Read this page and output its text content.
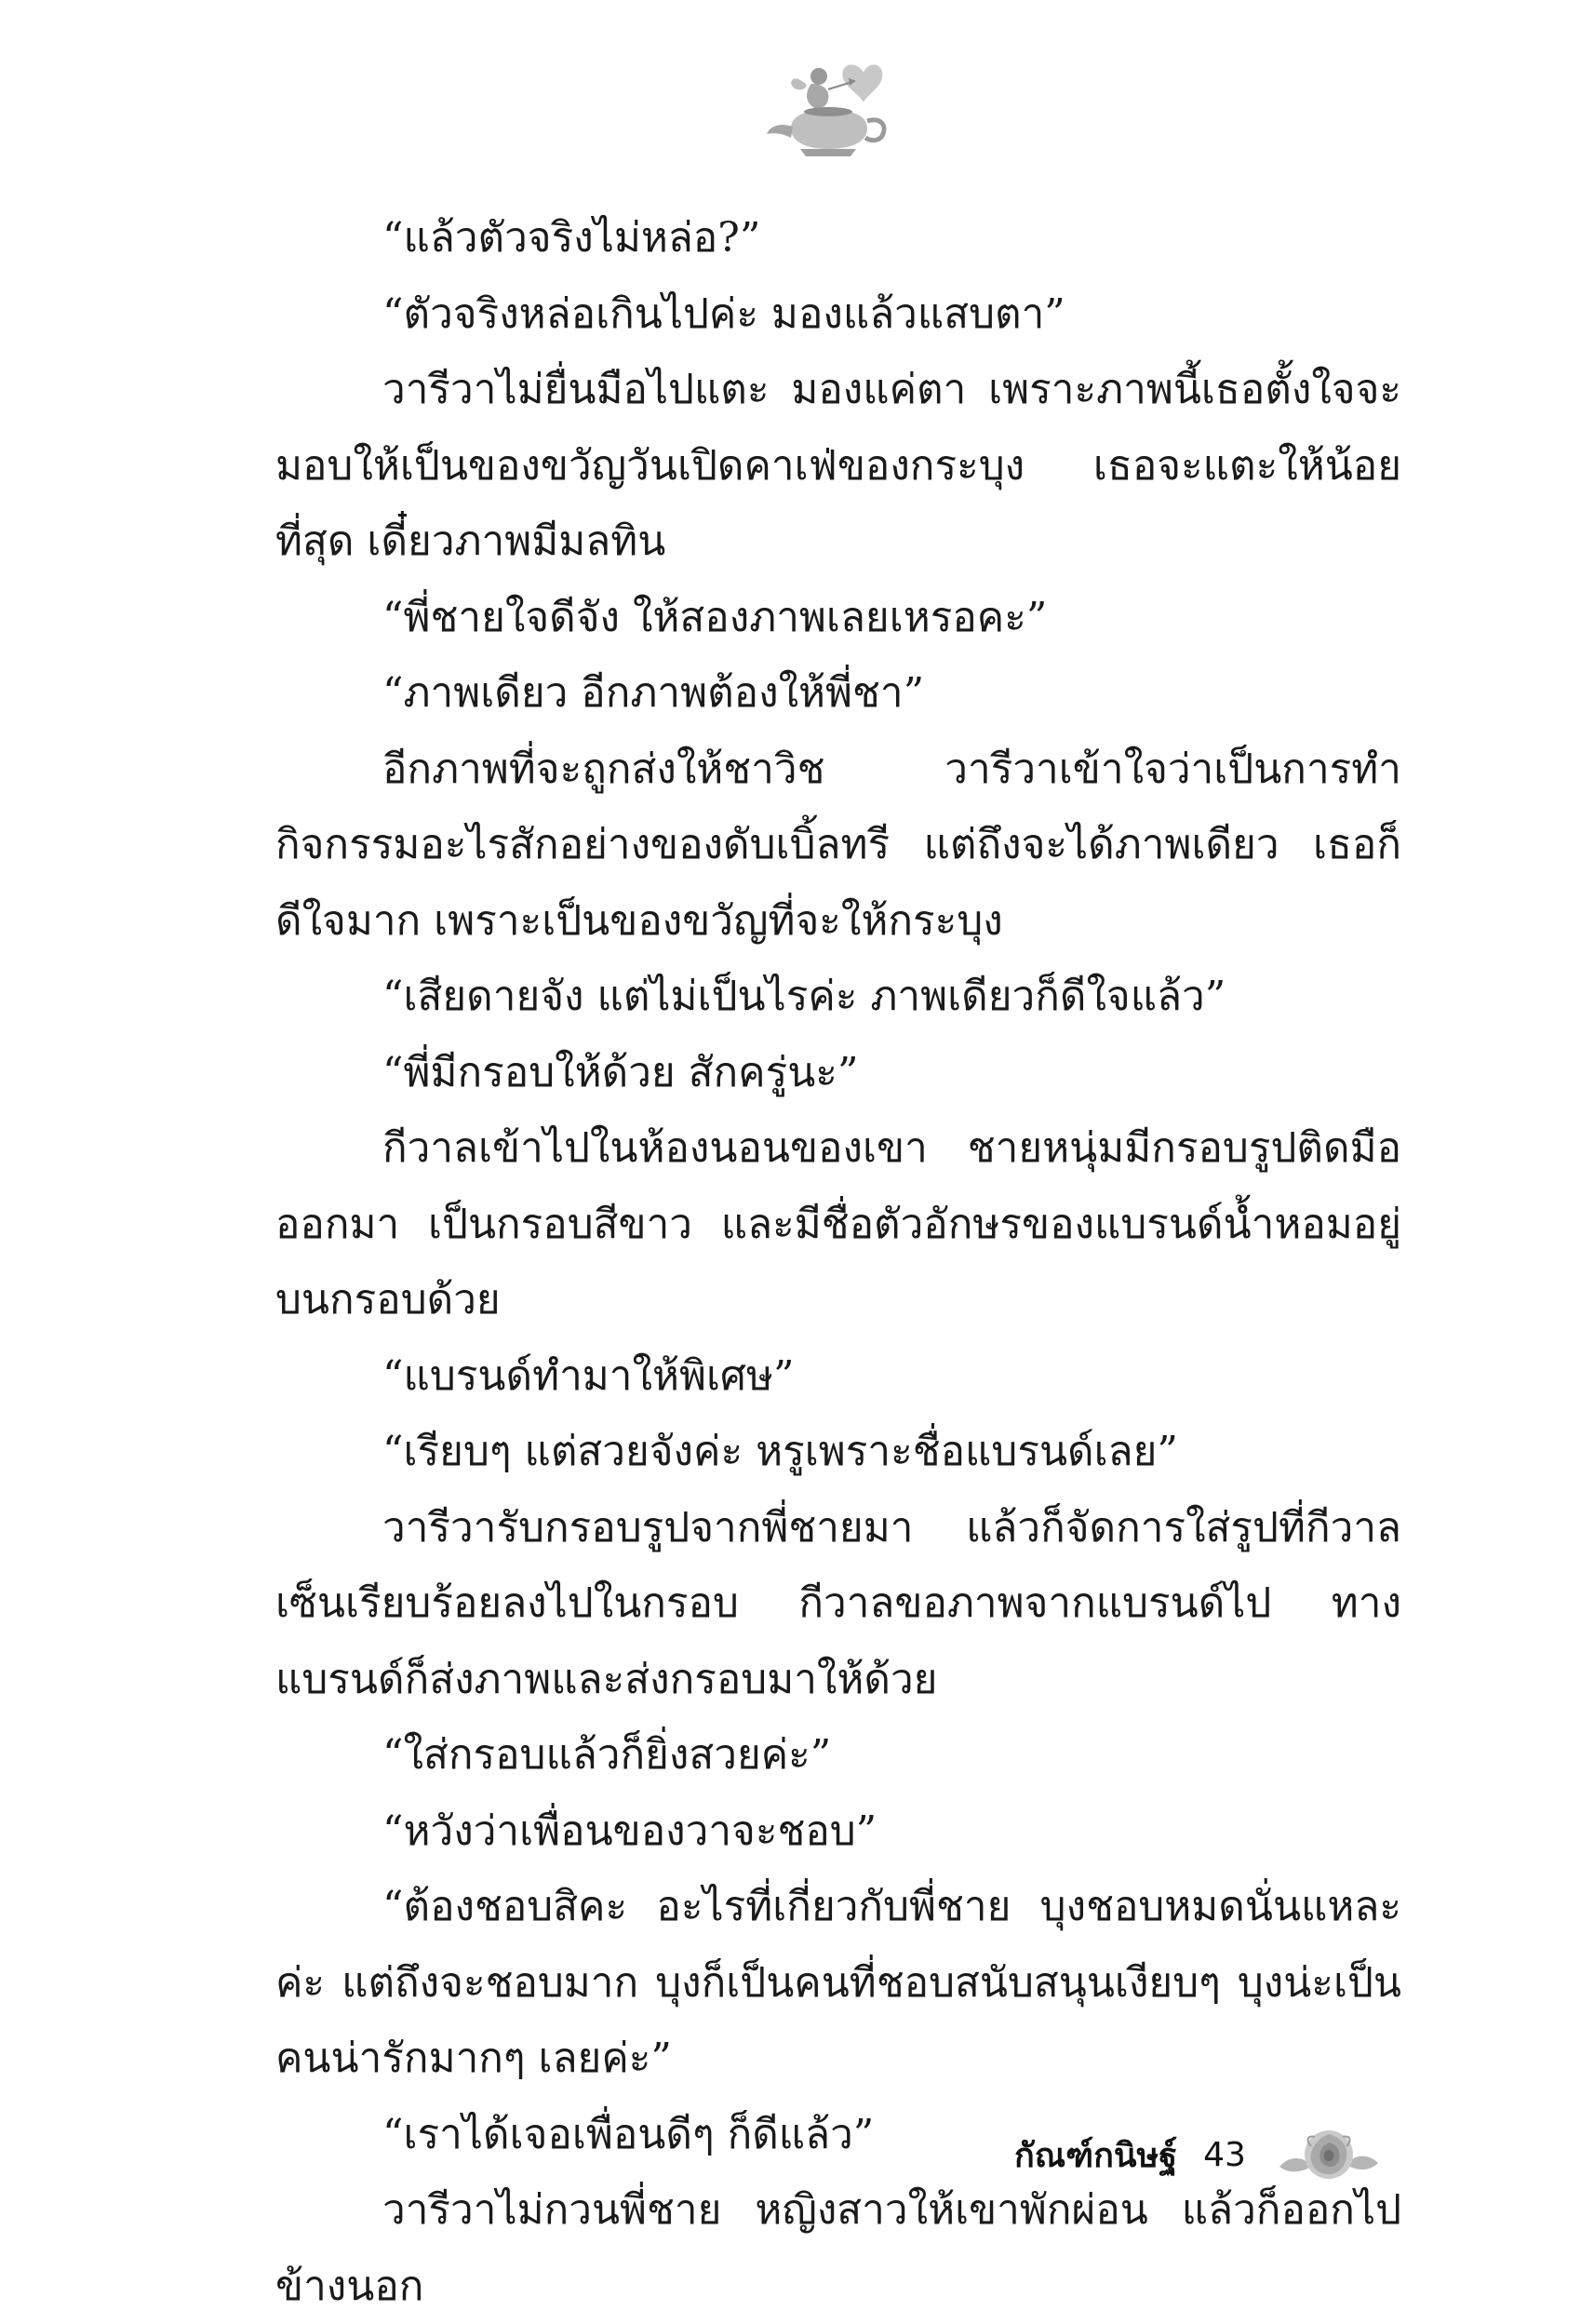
“แล้วตัวจริงไม่หล่อ?”

“ตัวจริงหล่อเกินไปค่ะ มองแล้วแสบตา”

วารีวาไม่ยื่นมือไปแตะ มองแค่ตา เพราะภาพนี้เธอตั้งใจจะมอบให้เป็นของขวัญวันเปิดคาเฟ่ของกระบุง เธอจะแตะให้น้อยที่สุด เดี๋ยวภาพมีมลทิน

“พี่ชายใจดีจัง ให้สองภาพเลยเหรอคะ”

“ภาพเดียว อีกภาพต้องให้พี่ชา”

อีกภาพที่จะถูกส่งให้ชาวิช วารีวาเข้าใจว่าเป็นการทำกิจกรรมอะไรสักอย่างของดับเบิ้ลทรี แต่ถึงจะได้ภาพเดียว เธอก็ดีใจมาก เพราะเป็นของขวัญที่จะให้กระบุง

“เสียดายจัง แต่ไม่เป็นไรค่ะ ภาพเดียวก็ดีใจแล้ว”

“พี่มีกรอบให้ด้วย สักครู่นะ”

กีวาลเข้าไปในห้องนอนของเขา ชายหนุ่มมีกรอบรูปติดมือออกมา เป็นกรอบสีขาว และมีชื่อตัวอักษรของแบรนด์น้ำหอมอยู่บนกรอบด้วย

“แบรนด์ทำมาให้พิเศษ”

“เรียบๆ แต่สวยจังค่ะ หรูเพราะชื่อแบรนด์เลย”

วารีวารับกรอบรูปจากพี่ชายมา แล้วก็จัดการใส่รูปที่กีวาลเซ็นเรียบร้อยลงไปในกรอบ กีวาลขอภาพจากแบรนด์ไป ทางแบรนด์ก็ส่งภาพและส่งกรอบมาให้ด้วย

“ใส่กรอบแล้วก็ยิ่งสวยค่ะ”

“หวังว่าเพื่อนของวาจะชอบ”

“ต้องชอบสิคะ อะไรที่เกี่ยวกับพี่ชาย บุงชอบหมดนั่นแหละค่ะ แต่ถึงจะชอบมาก บุงก็เป็นคนที่ชอบสนับสนุนเงียบๆ บุงน่ะเป็นคนน่ารักมากๆ เลยค่ะ”

“เราได้เจอเพื่อนดีๆ ก็ดีแล้ว”

วารีวาไม่กวนพี่ชาย หญิงสาวให้เขาพักผ่อน แล้วก็ออกไปข้างนอก

กัณฑ์กนิษฐ์ 43
